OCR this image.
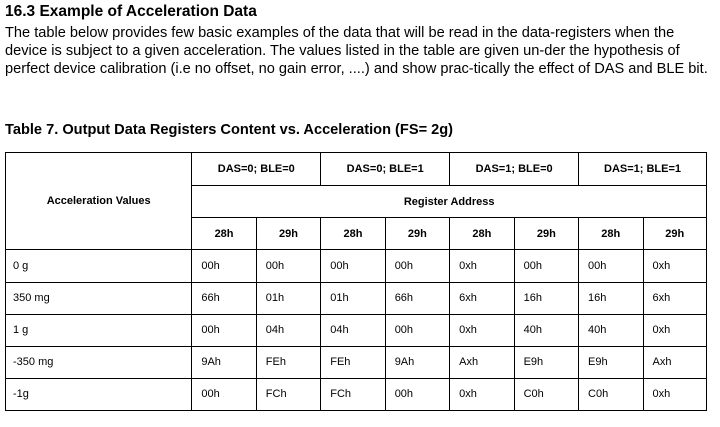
16.3 Example of Acceleration Data
The table below provides few basic examples of the data that will be read in the data-registers when the device is subject to a given acceleration. The values listed in the table are given un-der the hypothesis of perfect device calibration (i.e no offset, no gain error, ....) and show prac-tically the effect of DAS and BLE bit.
Table 7. Output Data Registers Content vs. Acceleration (FS= 2g)
Acceleration Values	DAS=0; BLE=0		DAS=0; BLE=1		DAS=1; BLE=0		DAS=1; BLE=1	
	Register Address							
	28h	29h	28h	29h	28h	29h	28h	29h
0 g	00h	00h	00h	00h	0xh	00h	00h	0xh
350 mg	66h	01h	01h	66h	6xh	16h	16h	6xh
1 g	00h	04h	04h	00h	0xh	40h	40h	0xh
-350 mg	9Ah	FEh	FEh	9Ah	Axh	E9h	E9h	Axh
-1g	00h	FCh	FCh	00h	0xh	C0h	C0h	0xh
